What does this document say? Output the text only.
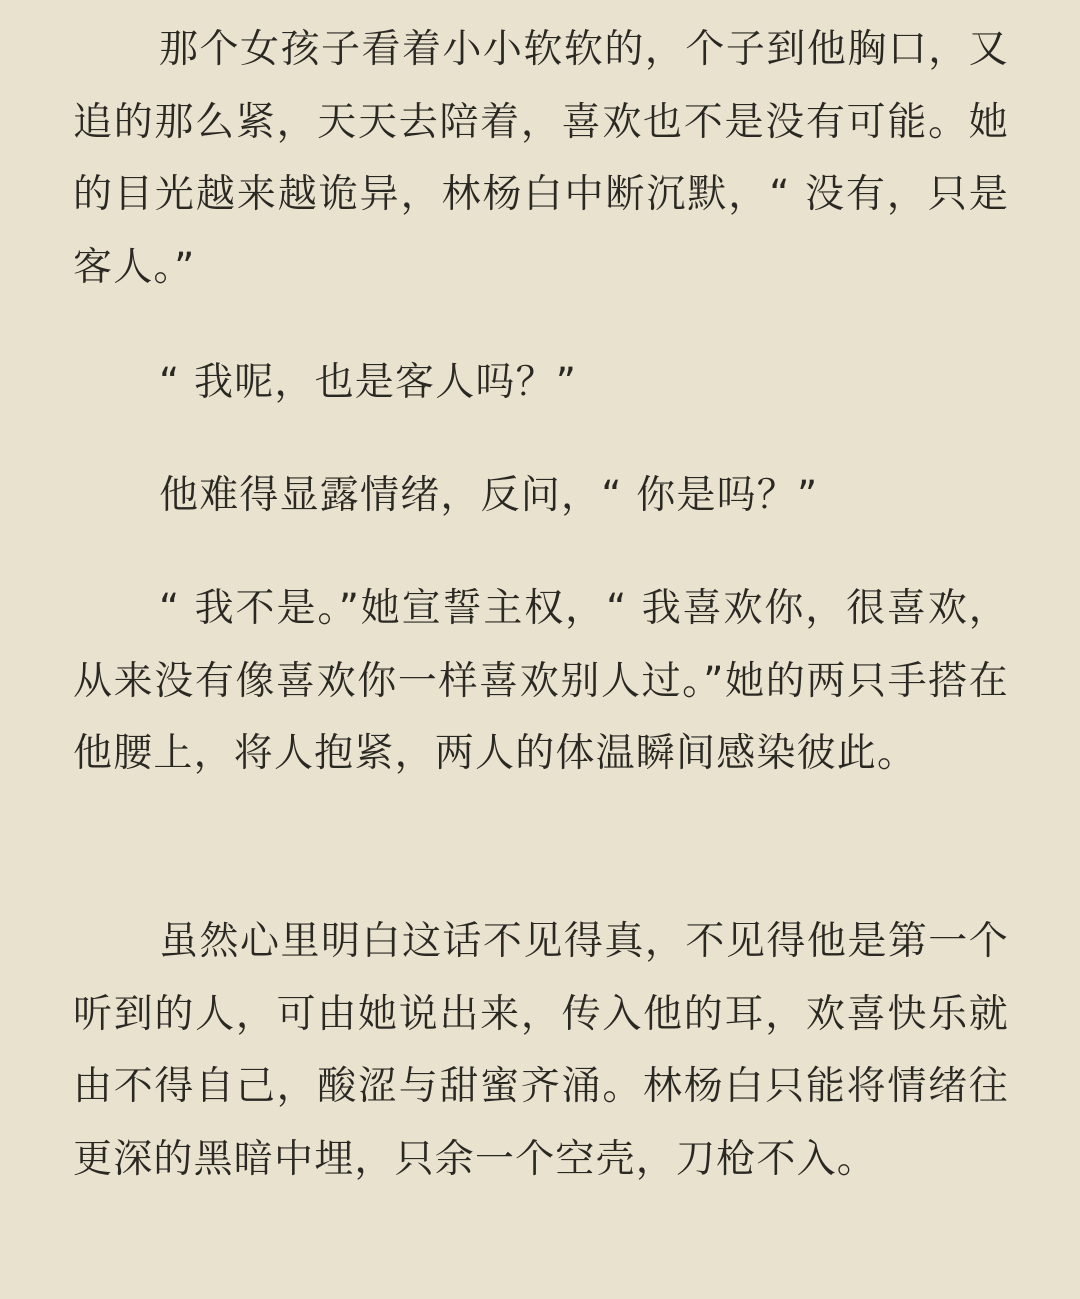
那个女孩子看着小小软软的，个子到他胸口，又追的那么紧，天天去陪着，喜欢也不是没有可能。她的目光越来越诡异，林杨白中断沉默，“ 没有，只是客人。”

“ 我呢，也是客人吗？”

他难得显露情绪，反问，“ 你是吗？”

“ 我不是。”她宣誓主权，“ 我喜欢你，很喜欢，从来没有像喜欢你一样喜欢别人过。”她的两只手搭在他腰上，将人抱紧，两人的体温瞬间感染彼此。

虽然心里明白这话不见得真，不见得他是第一个听到的人，可由她说出来，传入他的耳，欢喜快乐就由不得自己，酸涩与甜蜜齐涌。林杨白只能将情绪往更深的黑暗中埋，只余一个空壳，刀枪不入。
